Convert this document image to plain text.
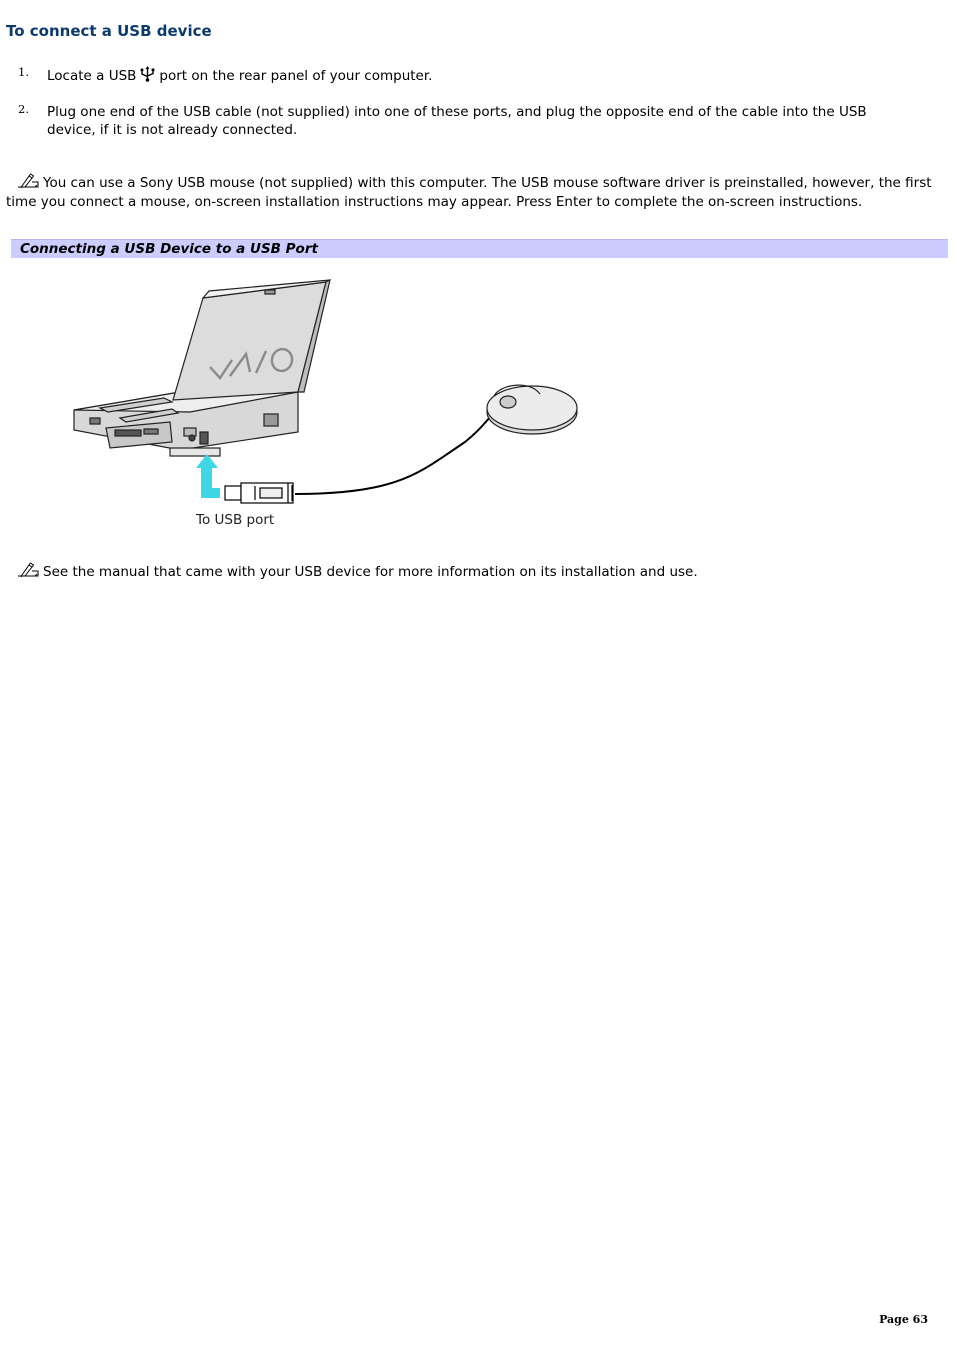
To connect a USB device
1. Locate a USB port on the rear panel of your computer.
2. Plug one end of the USB cable (not supplied) into one of these ports, and plug the opposite end of the cable into the USB device, if it is not already connected.
You can use a Sony USB mouse (not supplied) with this computer. The USB mouse software driver is preinstalled, however, the first time you connect a mouse, on-screen installation instructions may appear. Press Enter to complete the on-screen instructions.
Connecting a USB Device to a USB Port
To USB port
See the manual that came with your USB device for more information on its installation and use.
Page 63
